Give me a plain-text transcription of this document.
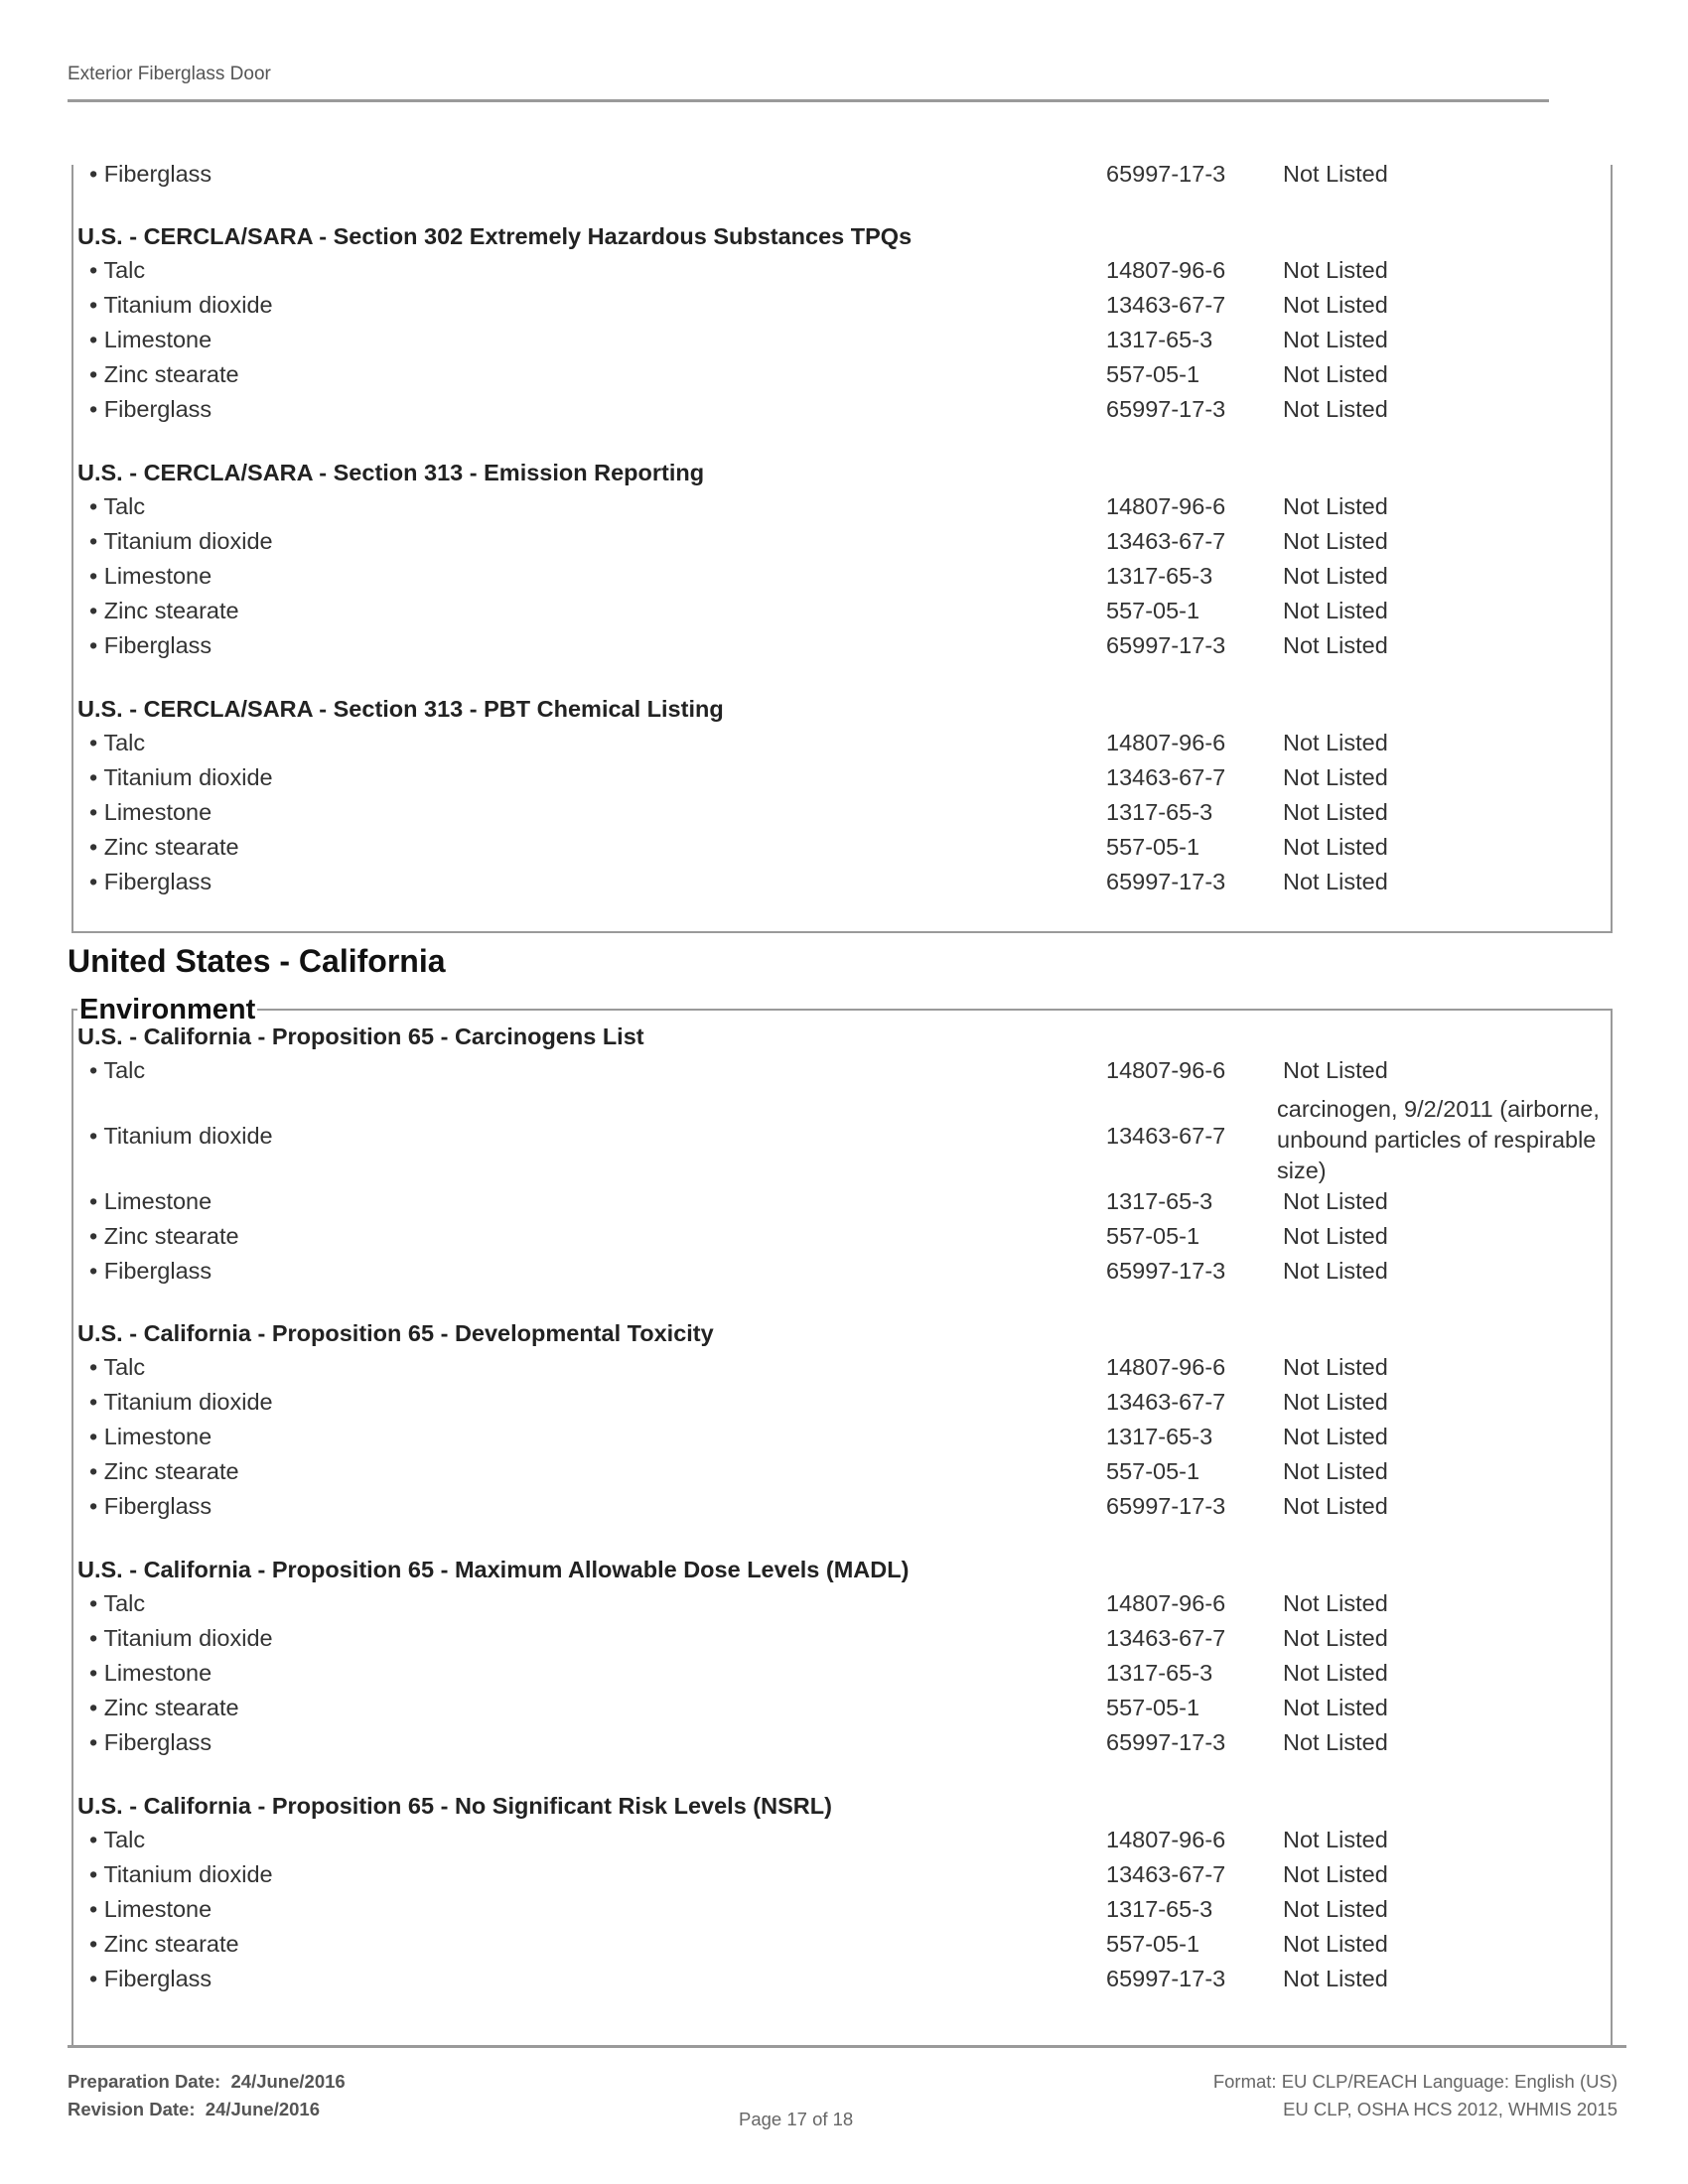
Exterior Fiberglass Door
United States - California
Environment
• Fiberglass	65997-17-3 Not Listed
U.S. - CERCLA/SARA - Section 302 Extremely Hazardous Substances TPQs
• Talc	14807-96-6 Not Listed
• Titanium dioxide	13463-67-7 Not Listed
• Limestone	1317-65-3	Not Listed
• Zinc stearate	557-05-1	Not Listed
• Fiberglass	65997-17-3 Not Listed
U.S. - CERCLA/SARA - Section 313 - Emission Reporting
• Talc	14807-96-6 Not Listed
• Titanium dioxide	13463-67-7 Not Listed
• Limestone	1317-65-3	Not Listed
• Zinc stearate	557-05-1	Not Listed
• Fiberglass	65997-17-3 Not Listed
U.S. - CERCLA/SARA - Section 313 - PBT Chemical Listing
• Talc	14807-96-6 Not Listed
• Titanium dioxide	13463-67-7 Not Listed
• Limestone	1317-65-3	Not Listed
• Zinc stearate	557-05-1	Not Listed
• Fiberglass	65997-17-3 Not Listed
U.S. - California - Proposition 65 - Carcinogens List
• Talc	14807-96-6 Not Listed
• Titanium dioxide	13463-67-7
carcinogen, 9/2/2011 (airborne, unbound particles of respirable size)
• Limestone	1317-65-3	Not Listed
• Zinc stearate	557-05-1	Not Listed
• Fiberglass	65997-17-3 Not Listed
U.S. - California - Proposition 65 - Developmental Toxicity
• Talc	14807-96-6 Not Listed
• Titanium dioxide	13463-67-7 Not Listed
• Limestone	1317-65-3	Not Listed
• Zinc stearate	557-05-1	Not Listed
• Fiberglass	65997-17-3 Not Listed
U.S. - California - Proposition 65 - Maximum Allowable Dose Levels (MADL)
• Talc	14807-96-6 Not Listed
• Titanium dioxide	13463-67-7 Not Listed
• Limestone	1317-65-3	Not Listed
• Zinc stearate	557-05-1	Not Listed
• Fiberglass	65997-17-3 Not Listed
U.S. - California - Proposition 65 - No Significant Risk Levels (NSRL)
• Talc	14807-96-6 Not Listed
• Titanium dioxide	13463-67-7 Not Listed
• Limestone	1317-65-3	Not Listed
• Zinc stearate	557-05-1	Not Listed
• Fiberglass	65997-17-3 Not Listed
Preparation Date: 24/June/2016
Revision Date: 24/June/2016	Page 17 of 18
Format: EU CLP/REACH Language: English (US)
EU CLP, OSHA HCS 2012, WHMIS 2015
